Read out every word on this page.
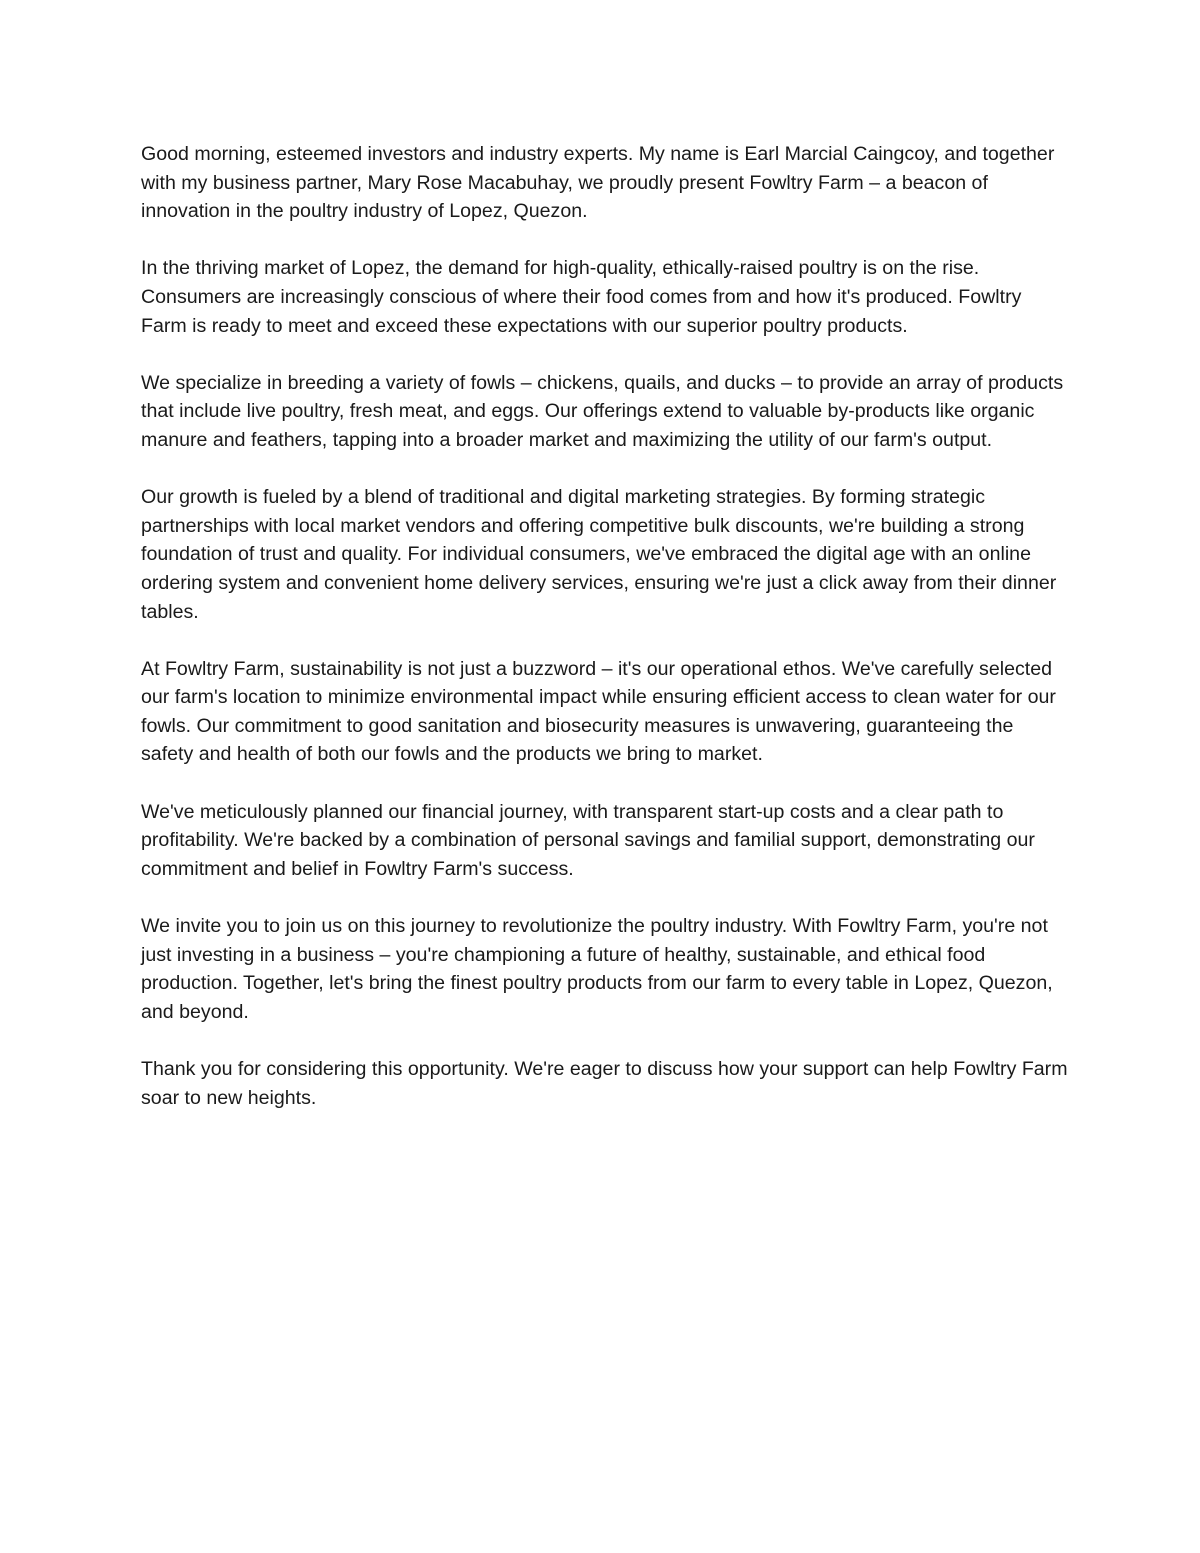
Good morning, esteemed investors and industry experts. My name is Earl Marcial Caingcoy, and together with my business partner, Mary Rose Macabuhay, we proudly present Fowltry Farm – a beacon of innovation in the poultry industry of Lopez, Quezon.

In the thriving market of Lopez, the demand for high-quality, ethically-raised poultry is on the rise. Consumers are increasingly conscious of where their food comes from and how it's produced. Fowltry Farm is ready to meet and exceed these expectations with our superior poultry products.

We specialize in breeding a variety of fowls – chickens, quails, and ducks – to provide an array of products that include live poultry, fresh meat, and eggs. Our offerings extend to valuable by-products like organic manure and feathers, tapping into a broader market and maximizing the utility of our farm's output.

Our growth is fueled by a blend of traditional and digital marketing strategies. By forming strategic partnerships with local market vendors and offering competitive bulk discounts, we're building a strong foundation of trust and quality. For individual consumers, we've embraced the digital age with an online ordering system and convenient home delivery services, ensuring we're just a click away from their dinner tables.

At Fowltry Farm, sustainability is not just a buzzword – it's our operational ethos. We've carefully selected our farm's location to minimize environmental impact while ensuring efficient access to clean water for our fowls. Our commitment to good sanitation and biosecurity measures is unwavering, guaranteeing the safety and health of both our fowls and the products we bring to market.

We've meticulously planned our financial journey, with transparent start-up costs and a clear path to profitability. We're backed by a combination of personal savings and familial support, demonstrating our commitment and belief in Fowltry Farm's success.

We invite you to join us on this journey to revolutionize the poultry industry. With Fowltry Farm, you're not just investing in a business – you're championing a future of healthy, sustainable, and ethical food production. Together, let's bring the finest poultry products from our farm to every table in Lopez, Quezon, and beyond.

Thank you for considering this opportunity. We're eager to discuss how your support can help Fowltry Farm soar to new heights.
